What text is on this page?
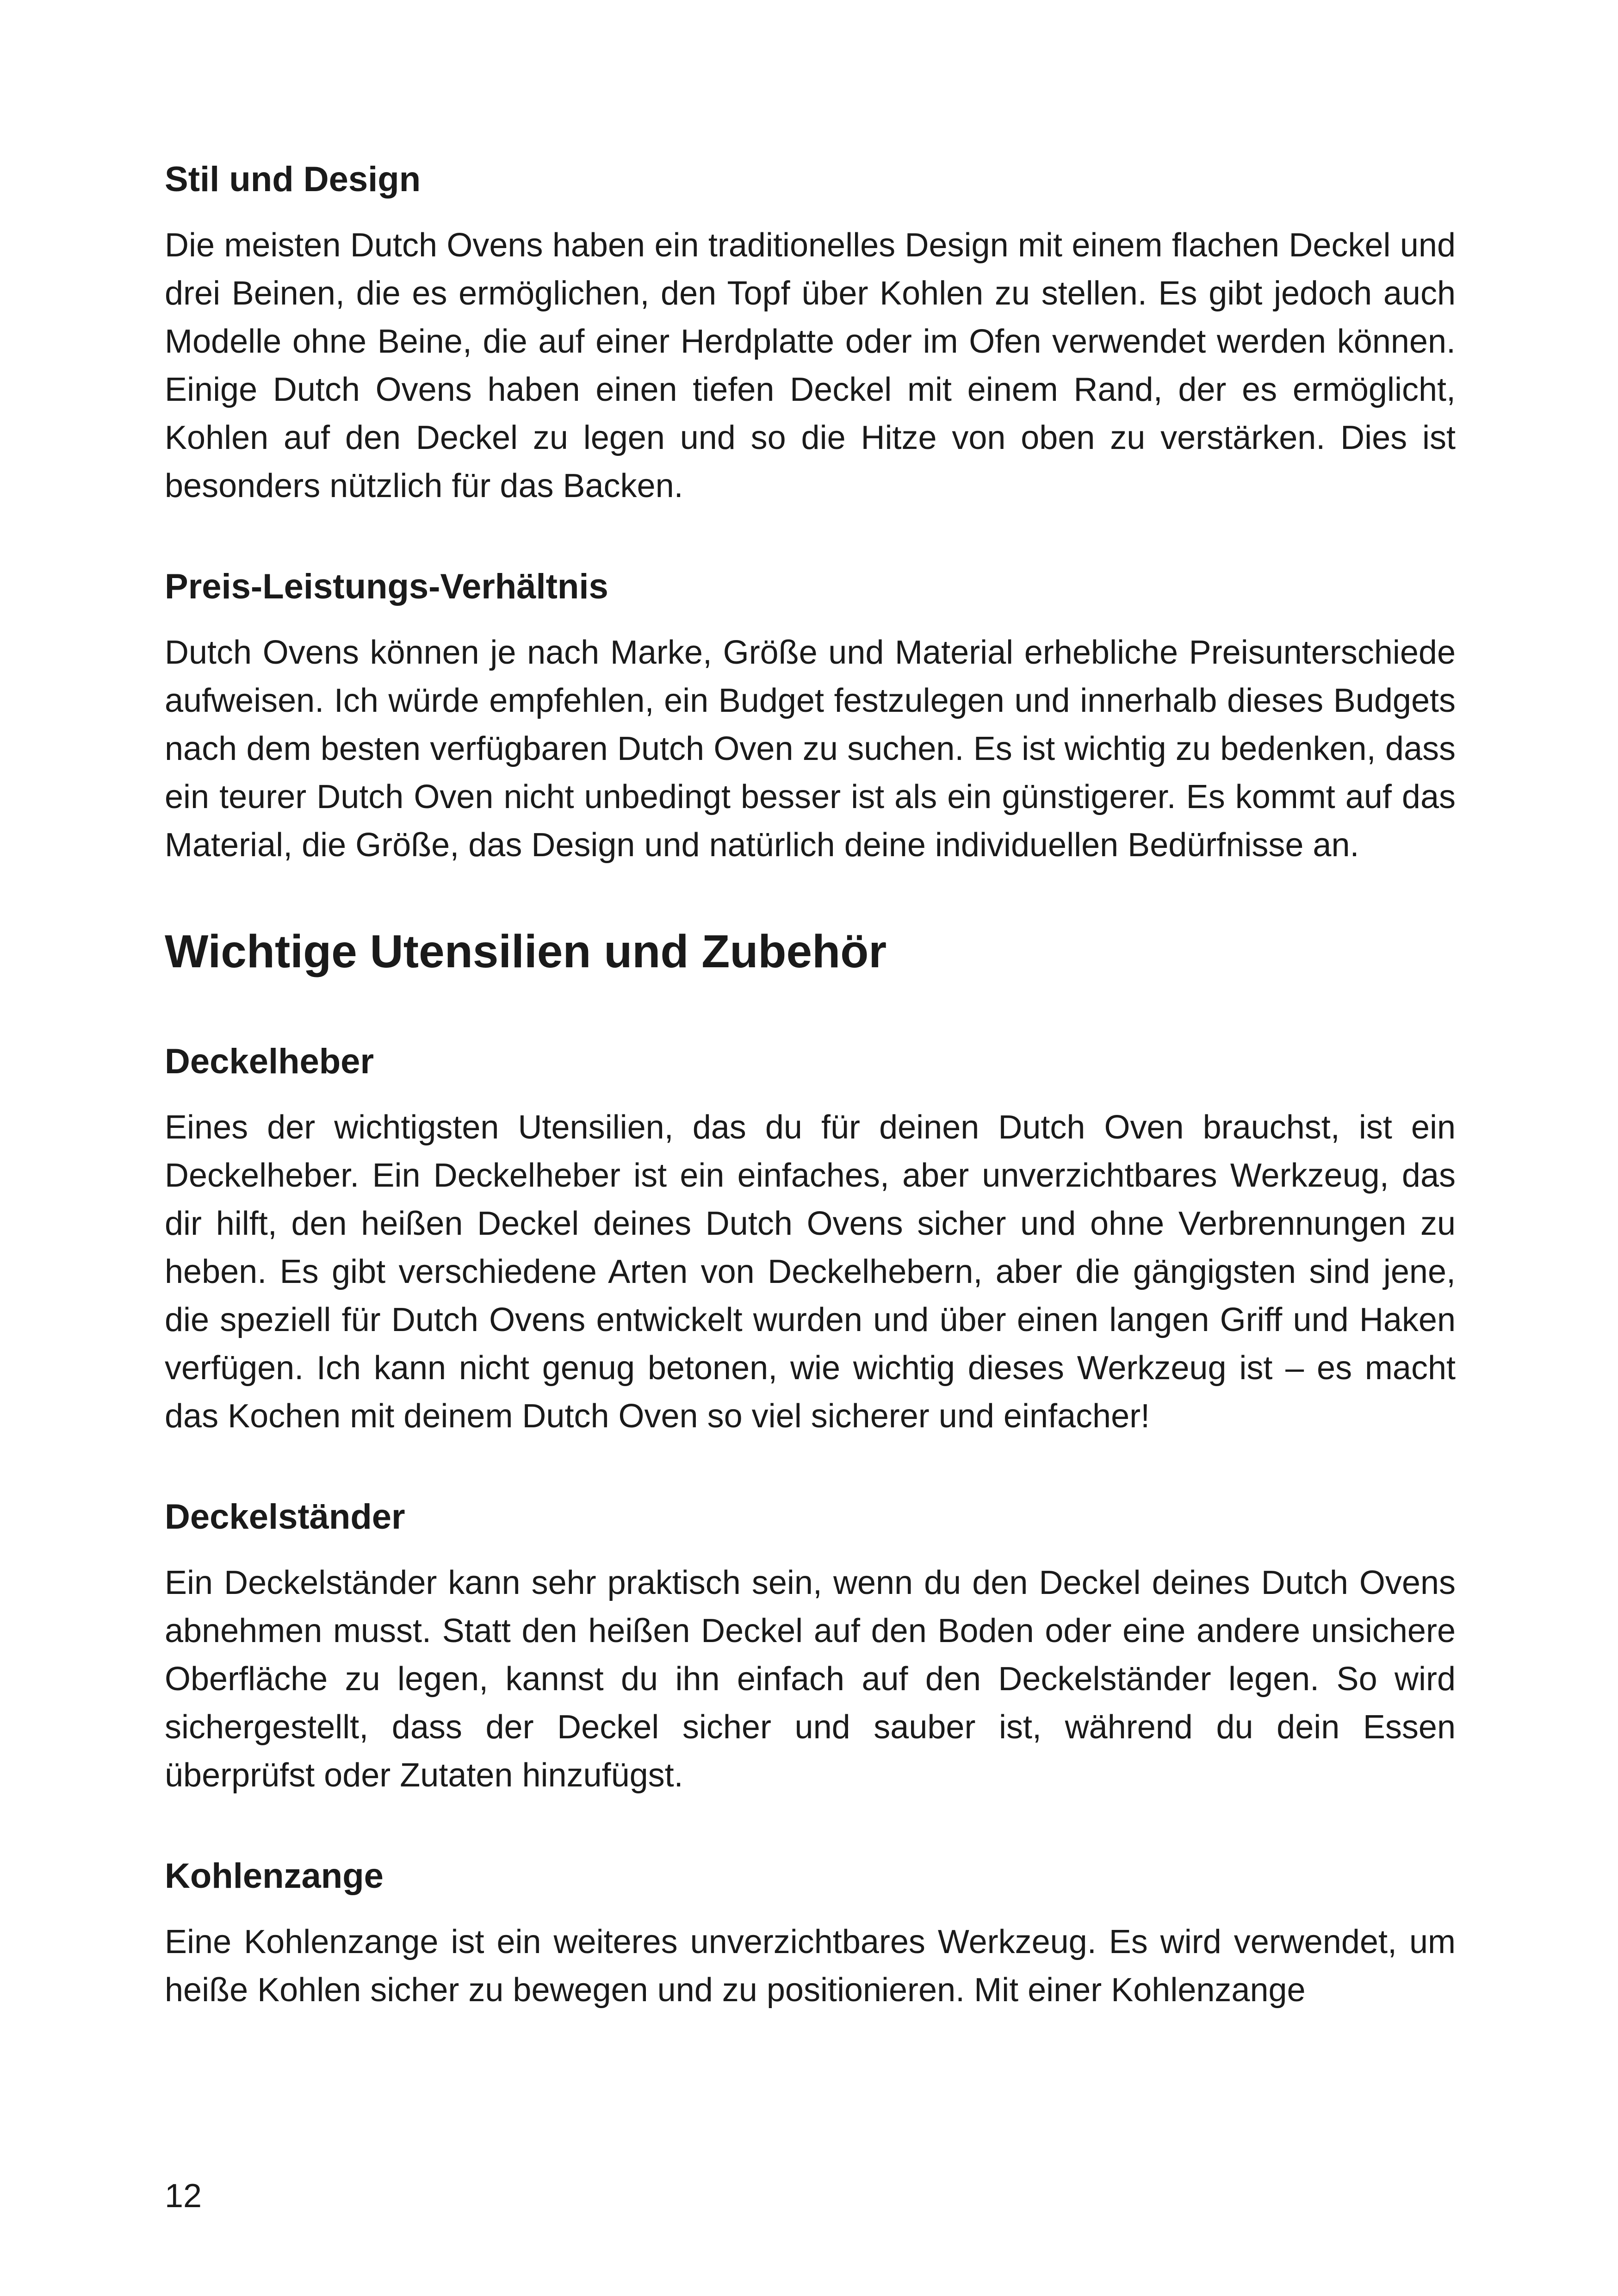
Stil und Design

Die meisten Dutch Ovens haben ein traditionelles Design mit einem flachen Deckel und drei Beinen, die es ermöglichen, den Topf über Kohlen zu stellen. Es gibt jedoch auch Modelle ohne Beine, die auf einer Herdplatte oder im Ofen verwendet werden können. Einige Dutch Ovens haben einen tiefen Deckel mit einem Rand, der es ermöglicht, Kohlen auf den Deckel zu legen und so die Hitze von oben zu verstärken. Dies ist besonders nützlich für das Backen.

Preis-Leistungs-Verhältnis

Dutch Ovens können je nach Marke, Größe und Material erhebliche Preisunterschiede aufweisen. Ich würde empfehlen, ein Budget festzulegen und innerhalb dieses Budgets nach dem besten verfügbaren Dutch Oven zu suchen. Es ist wichtig zu bedenken, dass ein teurer Dutch Oven nicht unbedingt besser ist als ein günstigerer. Es kommt auf das Material, die Größe, das Design und natürlich deine individuellen Bedürfnisse an.

Wichtige Utensilien und Zubehör
Deckelheber

Eines der wichtigsten Utensilien, das du für deinen Dutch Oven brauchst, ist ein Deckelheber. Ein Deckelheber ist ein einfaches, aber unverzichtbares Werkzeug, das dir hilft, den heißen Deckel deines Dutch Ovens sicher und ohne Verbrennungen zu heben. Es gibt verschiedene Arten von Deckelhebern, aber die gängigsten sind jene, die speziell für Dutch Ovens entwickelt wurden und über einen langen Griff und Haken verfügen. Ich kann nicht genug betonen, wie wichtig dieses Werkzeug ist – es macht das Kochen mit deinem Dutch Oven so viel sicherer und einfacher!

Deckelständer

Ein Deckelständer kann sehr praktisch sein, wenn du den Deckel deines Dutch Ovens abnehmen musst. Statt den heißen Deckel auf den Boden oder eine andere unsichere Oberfläche zu legen, kannst du ihn einfach auf den Deckelständer legen. So wird sichergestellt, dass der Deckel sicher und sauber ist, während du dein Essen überprüfst oder Zutaten hinzufügst.

Kohlenzange

Eine Kohlenzange ist ein weiteres unverzichtbares Werkzeug. Es wird verwendet, um heiße Kohlen sicher zu bewegen und zu positionieren. Mit einer Kohlenzange

12
